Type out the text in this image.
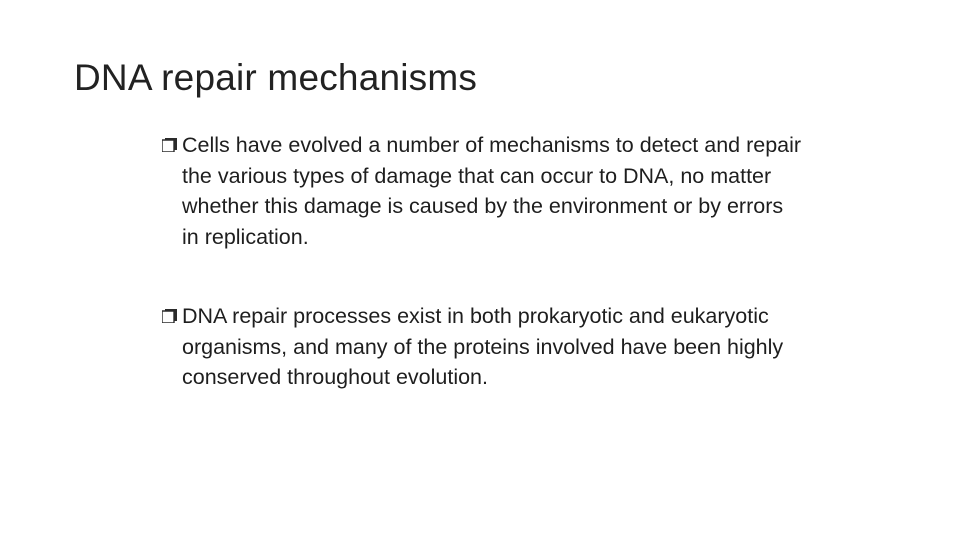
DNA repair mechanisms
Cells have evolved a number of mechanisms to detect and repair the various types of damage that can occur to DNA, no matter whether this damage is caused by the environment or by errors in replication.
DNA repair processes exist in both prokaryotic and eukaryotic organisms, and many of the proteins involved have been highly conserved throughout evolution.
